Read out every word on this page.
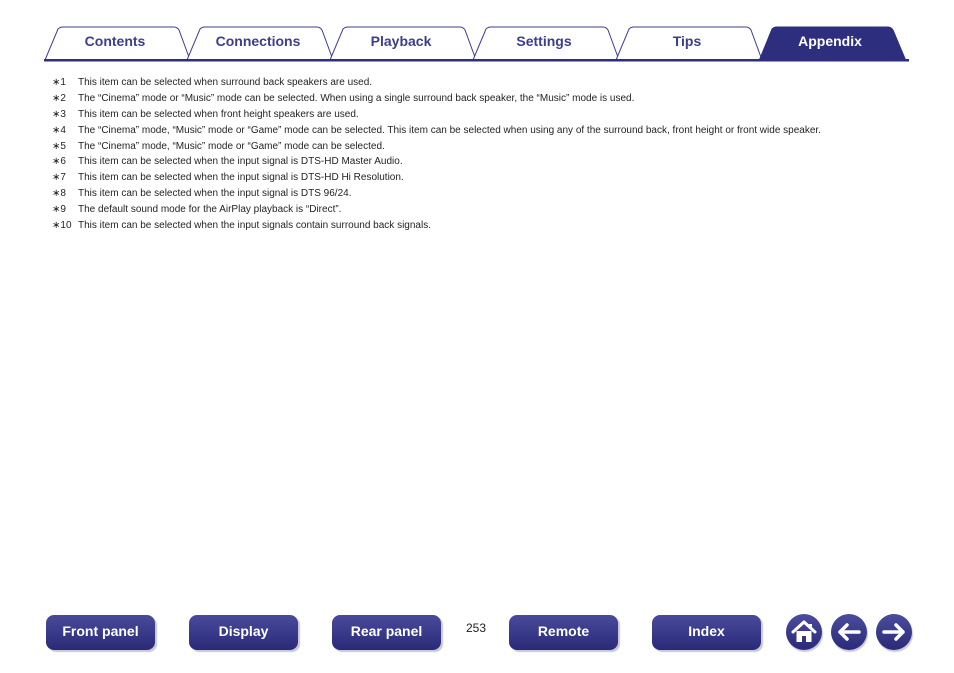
Contents	Connections	Playback	Settings	Tips	Appendix
∗1 This item can be selected when surround back speakers are used.
∗2 The “Cinema” mode or “Music” mode can be selected. When using a single surround back speaker, the “Music” mode is used.
∗3 This item can be selected when front height speakers are used.
∗4 The “Cinema” mode, “Music” mode or “Game” mode can be selected. This item can be selected when using any of the surround back, front height or front wide speaker.
∗5 The “Cinema” mode, “Music” mode or “Game” mode can be selected.
∗6 This item can be selected when the input signal is DTS-HD Master Audio.
∗7 This item can be selected when the input signal is DTS-HD Hi Resolution.
∗8 This item can be selected when the input signal is DTS 96/24.
∗9 The default sound mode for the AirPlay playback is “Direct”.
∗10 This item can be selected when the input signals contain surround back signals.
Front panel	Display	Rear panel	253	Remote	Index
